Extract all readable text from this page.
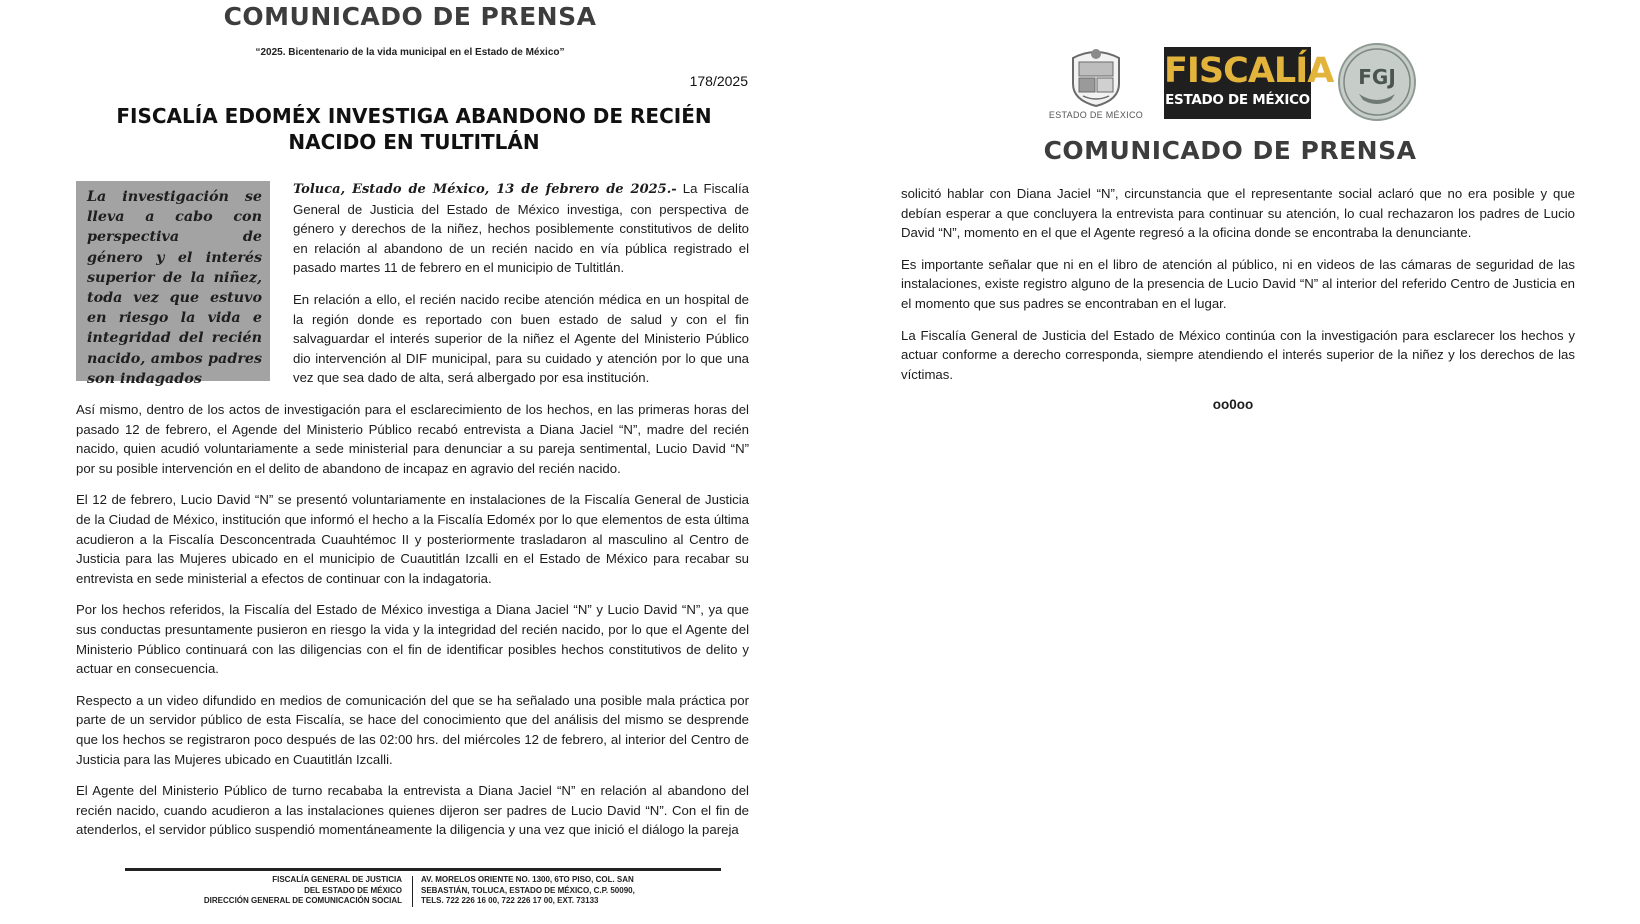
COMUNICADO DE PRENSA
“2025. Bicentenario de la vida municipal en el Estado de México”
178/2025
FISCALÍA EDOMÉX INVESTIGA ABANDONO DE RECIÉN NACIDO EN TULTITLÁN
La investigación se lleva a cabo con perspectiva de género y el interés superior de la niñez, toda vez que estuvo en riesgo la vida e integridad del recién nacido, ambos padres son indagados

Toluca, Estado de México, 13 de febrero de 2025.- La Fiscalía General de Justicia del Estado de México investiga, con perspectiva de género y derechos de la niñez, hechos posiblemente constitutivos de delito en relación al abandono de un recién nacido en vía pública registrado el pasado martes 11 de febrero en el municipio de Tultitlán.

En relación a ello, el recién nacido recibe atención médica en un hospital de la región donde es reportado con buen estado de salud y con el fin salvaguardar el interés superior de la niñez el Agente del Ministerio Público dio intervención al DIF municipal, para su cuidado y atención por lo que una vez que sea dado de alta, será albergado por esa institución.

Así mismo, dentro de los actos de investigación para el esclarecimiento de los hechos, en las primeras horas del pasado 12 de febrero, el Agende del Ministerio Público recabó entrevista a Diana Jaciel “N”, madre del recién nacido, quien acudió voluntariamente a sede ministerial para denunciar a su pareja sentimental, Lucio David “N” por su posible intervención en el delito de abandono de incapaz en agravio del recién nacido.

El 12 de febrero, Lucio David “N” se presentó voluntariamente en instalaciones de la Fiscalía General de Justicia de la Ciudad de México, institución que informó el hecho a la Fiscalía Edoméx por lo que elementos de esta última acudieron a la Fiscalía Desconcentrada Cuauhtémoc II y posteriormente trasladaron al masculino al Centro de Justicia para las Mujeres ubicado en el municipio de Cuautitlán Izcalli en el Estado de México para recabar su entrevista en sede ministerial a efectos de continuar con la indagatoria.

Por los hechos referidos, la Fiscalía del Estado de México investiga a Diana Jaciel “N” y Lucio David “N”, ya que sus conductas presuntamente pusieron en riesgo la vida y la integridad del recién nacido, por lo que el Agente del Ministerio Público continuará con las diligencias con el fin de identificar posibles hechos constitutivos de delito y actuar en consecuencia.

Respecto a un video difundido en medios de comunicación del que se ha señalado una posible mala práctica por parte de un servidor público de esta Fiscalía, se hace del conocimiento que del análisis del mismo se desprende que los hechos se registraron poco después de las 02:00 hrs. del miércoles 12 de febrero, al interior del Centro de Justicia para las Mujeres ubicado en Cuautitlán Izcalli.

El Agente del Ministerio Público de turno recababa la entrevista a Diana Jaciel “N” en relación al abandono del recién nacido, cuando acudieron a las instalaciones quienes dijeron ser padres de Lucio David “N”. Con el fin de atenderlos, el servidor público suspendió momentáneamente la diligencia y una vez que inició el diálogo la pareja

FISCALÍA GENERAL DE JUSTICIA
DEL ESTADO DE MÉXICO
DIRECCIÓN GENERAL DE COMUNICACIÓN SOCIAL
AV. MORELOS ORIENTE NO. 1300, 6TO PISO, COL. SAN
SEBASTIÁN, TOLUCA, ESTADO DE MÉXICO, C.P. 50090,
TELS. 722 226 16 00, 722 226 17 00, EXT. 73133
ESTADO DE MÉXICO
FISCALÍA
ESTADO DE MÉXICO
FGJ
COMUNICADO DE PRENSA

solicitó hablar con Diana Jaciel “N”, circunstancia que el representante social aclaró que no era posible y que debían esperar a que concluyera la entrevista para continuar su atención, lo cual rechazaron los padres de Lucio David “N”, momento en el que el Agente regresó a la oficina donde se encontraba la denunciante.

Es importante señalar que ni en el libro de atención al público, ni en videos de las cámaras de seguridad de las instalaciones, existe registro alguno de la presencia de Lucio David “N” al interior del referido Centro de Justicia en el momento que sus padres se encontraban en el lugar.

La Fiscalía General de Justicia del Estado de México continúa con la investigación para esclarecer los hechos y actuar conforme a derecho corresponda, siempre atendiendo el interés superior de la niñez y los derechos de las víctimas.

oo0oo
